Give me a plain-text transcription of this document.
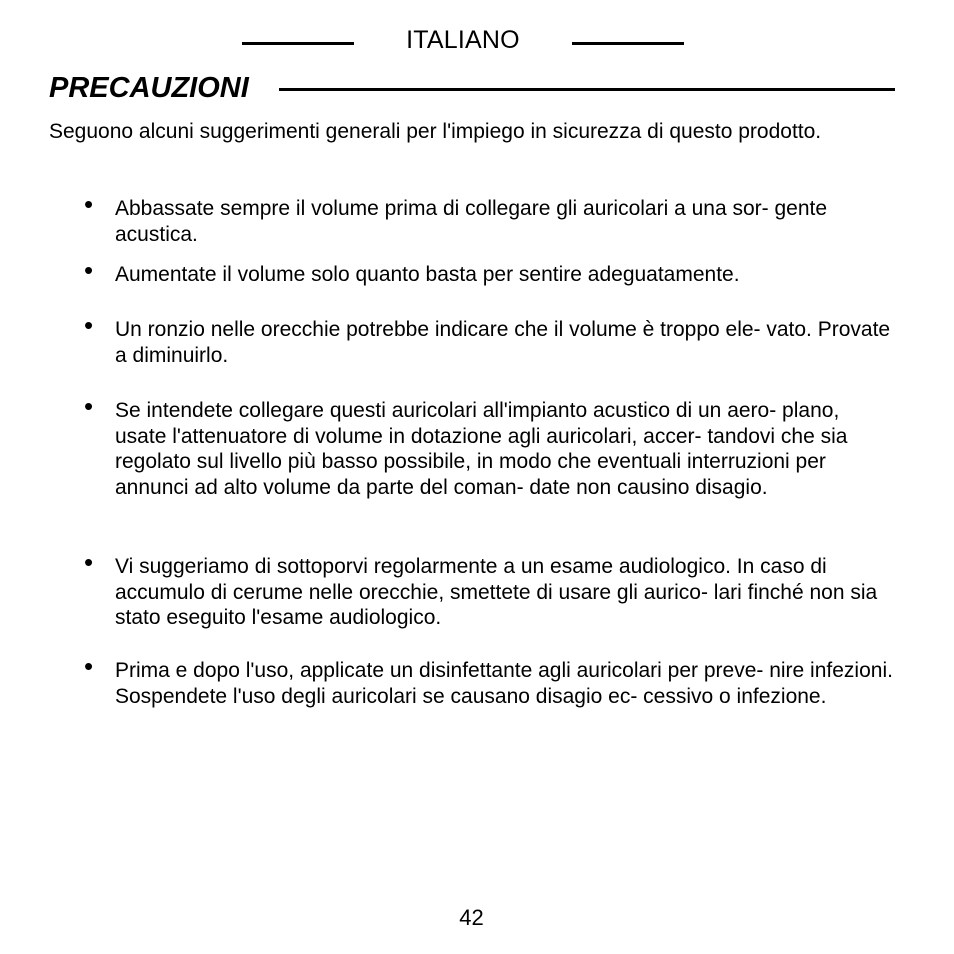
ITALIANO
PRECAUZIONI
Seguono alcuni suggerimenti generali per l'impiego in sicurezza di questo prodotto.
• Abbassate sempre il volume prima di collegare gli auricolari a una sor- gente acustica.
• Aumentate il volume solo quanto basta per sentire adeguatamente.
• Un ronzio nelle orecchie potrebbe indicare che il volume è troppo ele- vato. Provate a diminuirlo.
• Se intendete collegare questi auricolari all'impianto acustico di un aero- plano, usate l'attenuatore di volume in dotazione agli auricolari, accer- tandovi che sia regolato sul livello più basso possibile, in modo che eventuali interruzioni per annunci ad alto volume da parte del coman- date non causino disagio.
• Vi suggeriamo di sottoporvi regolarmente a un esame audiologico. In caso di accumulo di cerume nelle orecchie, smettete di usare gli aurico- lari finché non sia stato eseguito l'esame audiologico.
• Prima e dopo l'uso, applicate un disinfettante agli auricolari per preve- nire infezioni. Sospendete l'uso degli auricolari se causano disagio ec- cessivo o infezione.
42
